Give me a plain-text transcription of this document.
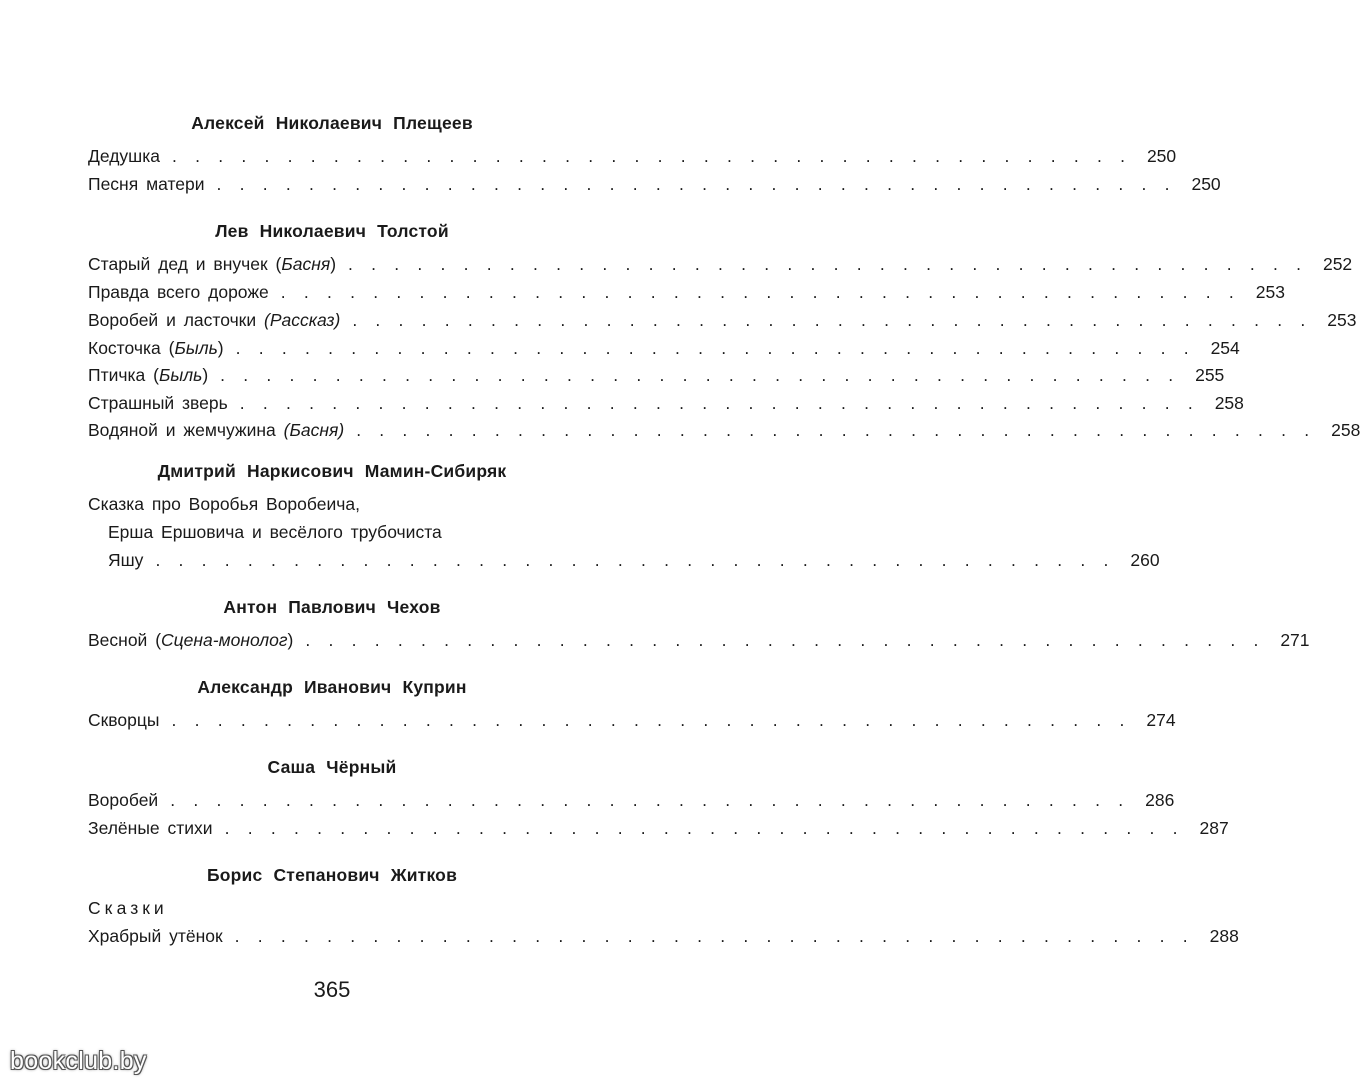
Алексей Николаевич Плещеев
Дедушка . . . . . . . . . . . . . . . . . . . . . . . . . . . . . . . . . . . . . . . . . . 250
Песня матери . . . . . . . . . . . . . . . . . . . . . . . . . . . . . . . . . . . . . . . . . . 250
Лев Николаевич Толстой
Старый дед и внучек (Басня) . . . . . . . . . . . . . . . . . . . . . . . . . . . . . . . . . . . . . . . . . . 252
Правда всего дороже . . . . . . . . . . . . . . . . . . . . . . . . . . . . . . . . . . . . . . . . . . 253
Воробей и ласточки (Рассказ) . . . . . . . . . . . . . . . . . . . . . . . . . . . . . . . . . . . . . . . . . . 253
Косточка (Быль) . . . . . . . . . . . . . . . . . . . . . . . . . . . . . . . . . . . . . . . . . . 254
Птичка (Быль) . . . . . . . . . . . . . . . . . . . . . . . . . . . . . . . . . . . . . . . . . . 255
Страшный зверь . . . . . . . . . . . . . . . . . . . . . . . . . . . . . . . . . . . . . . . . . . 258
Водяной и жемчужина (Басня) . . . . . . . . . . . . . . . . . . . . . . . . . . . . . . . . . . . . . . . . . . 258
Дмитрий Наркисович Мамин-Сибиряк
Сказка про Воробья Воробеича,
Ерша Ершовича и весёлого трубочиста
Яшу . . . . . . . . . . . . . . . . . . . . . . . . . . . . . . . . . . . . . . . . . . 260
Антон Павлович Чехов
Весной (Сцена-монолог) . . . . . . . . . . . . . . . . . . . . . . . . . . . . . . . . . . . . . . . . . . 271
Александр Иванович Куприн
Скворцы . . . . . . . . . . . . . . . . . . . . . . . . . . . . . . . . . . . . . . . . . . 274
Саша Чёрный
Воробей . . . . . . . . . . . . . . . . . . . . . . . . . . . . . . . . . . . . . . . . . . 286
Зелёные стихи . . . . . . . . . . . . . . . . . . . . . . . . . . . . . . . . . . . . . . . . . . 287
Борис Степанович Житков
Сказки
Храбрый утёнок . . . . . . . . . . . . . . . . . . . . . . . . . . . . . . . . . . . . . . . . . . 288
365
bookclub.by
